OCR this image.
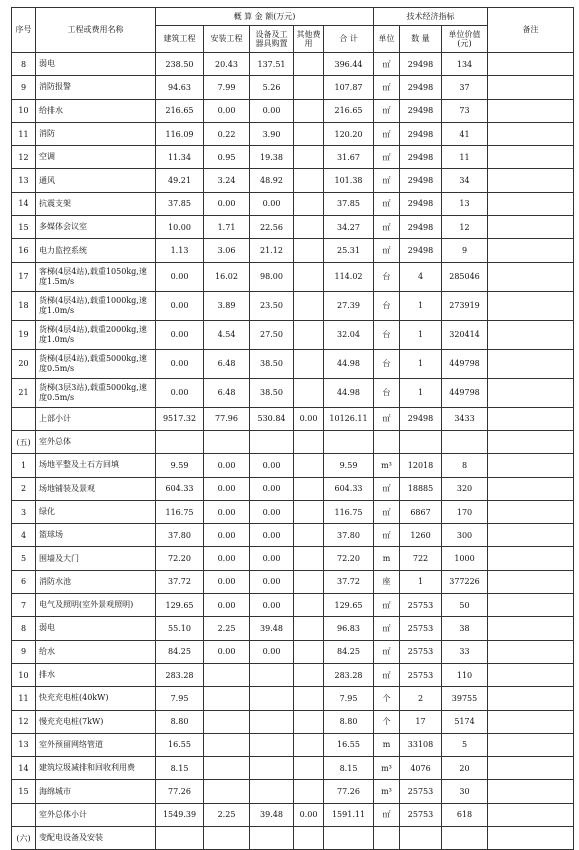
序号	工程或费用名称	概 算 金 额(万元)					技术经济指标			备注
		建筑工程	安装工程	设备及工器具购置	其他费用	合 计	单位	数 量	单位价值(元)	
8	弱电	238.50	20.43	137.51		396.44	㎡	29498	134	
9	消防报警	94.63	7.99	5.26		107.87	㎡	29498	37	
10	给排水	216.65	0.00	0.00		216.65	㎡	29498	73	
11	消防	116.09	0.22	3.90		120.20	㎡	29498	41	
12	空调	11.34	0.95	19.38		31.67	㎡	29498	11	
13	通风	49.21	3.24	48.92		101.38	㎡	29498	34	
14	抗震支架	37.85	0.00	0.00		37.85	㎡	29498	13	
15	多媒体会议室	10.00	1.71	22.56		34.27	㎡	29498	12	
16	电力监控系统	1.13	3.06	21.12		25.31	㎡	29498	9	
17	客梯(4层4站),载重1050kg,速度1.5m/s	0.00	16.02	98.00		114.02	台	4	285046	
18	货梯(4层4站),载重1000kg,速度1.0m/s	0.00	3.89	23.50		27.39	台	1	273919	
19	货梯(4层4站),载重2000kg,速度1.0m/s	0.00	4.54	27.50		32.04	台	1	320414	
20	货梯(4层4站),载重5000kg,速度0.5m/s	0.00	6.48	38.50		44.98	台	1	449798	
21	货梯(3层3站),载重5000kg,速度0.5m/s	0.00	6.48	38.50		44.98	台	1	449798	
	上部小计	9517.32	77.96	530.84	0.00	10126.11	㎡	29498	3433	
(五)	室外总体									
1	场地平整及土石方回填	9.59	0.00	0.00		9.59	m³	12018	8	
2	场地铺装及景观	604.33	0.00	0.00		604.33	㎡	18885	320	
3	绿化	116.75	0.00	0.00		116.75	㎡	6867	170	
4	篮球场	37.80	0.00	0.00		37.80	㎡	1260	300	
5	围墙及大门	72.20	0.00	0.00		72.20	m	722	1000	
6	消防水池	37.72	0.00	0.00		37.72	座	1	377226	
7	电气及照明(室外景观照明)	129.65	0.00	0.00		129.65	㎡	25753	50	
8	弱电	55.10	2.25	39.48		96.83	㎡	25753	38	
9	给水	84.25	0.00	0.00		84.25	㎡	25753	33	
10	排水	283.28				283.28	㎡	25753	110	
11	快充充电桩(40kW)	7.95				7.95	个	2	39755	
12	慢充充电桩(7kW)	8.80				8.80	个	17	5174	
13	室外预留网络管道	16.55				16.55	m	33108	5	
14	建筑垃圾减排和回收利用费	8.15				8.15	m³	4076	20	
15	海绵城市	77.26				77.26	m³	25753	30	
	室外总体小计	1549.39	2.25	39.48	0.00	1591.11	㎡	25753	618	
(六)	变配电设备及安装									
